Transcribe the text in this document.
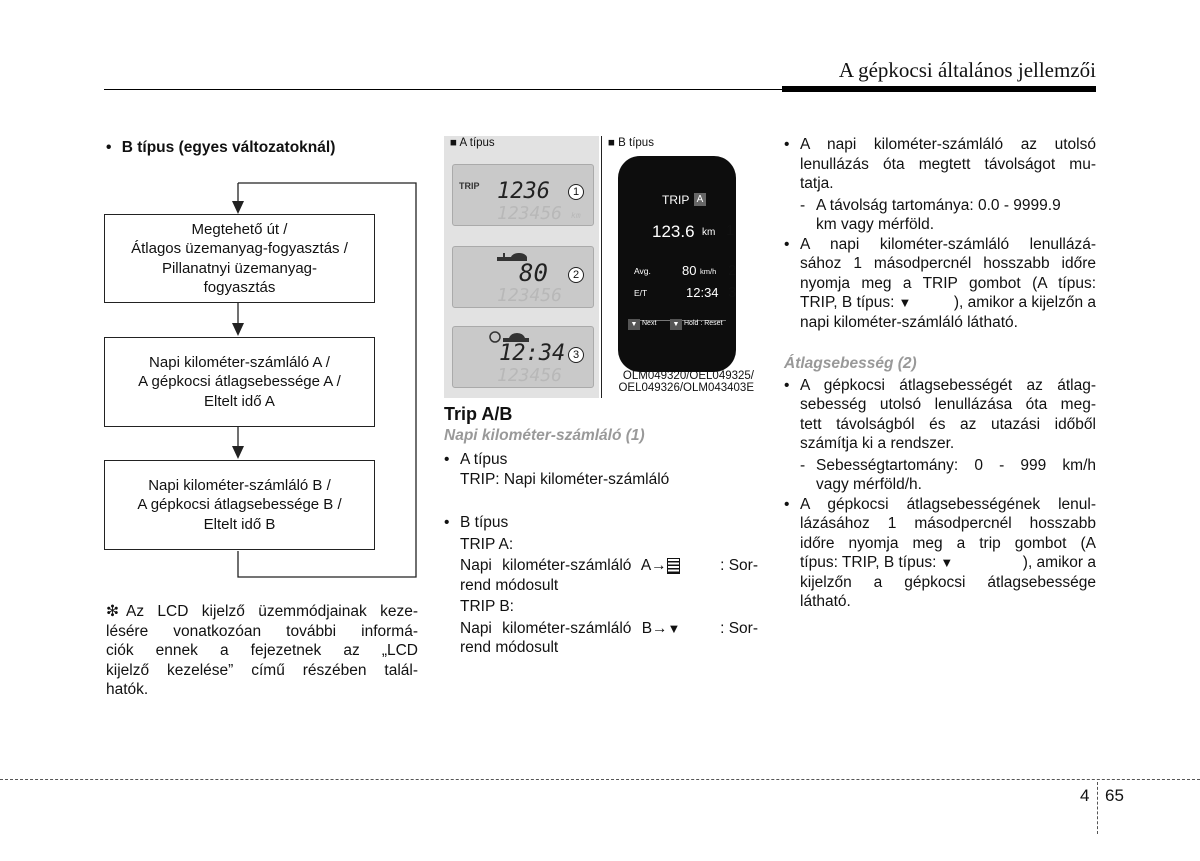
A gépkocsi általános jellemzői
• B típus (egyes változatoknál)
Megtehető út /
Átlagos üzemanyag-fogyasztás /
Pillanatnyi üzemanyag-
fogyasztás
Napi kilométer-számláló A /
A gépkocsi átlagsebessége A /
Eltelt idő A
Napi kilométer-számláló B /
A gépkocsi átlagsebessége B /
Eltelt idő B
❇ Az LCD kijelző üzemmódjainak keze-
lésére vonatkozóan további informá-
ciók ennek a fejezetnek az „LCD
kijelző kezelése” című részében talál-
hatók.
■ A típus
TRIP 1236
123456 km
1
80
123456
2
12:34
123456
3
■ B típus
TRIP A
123.6 km
Avg. 80 km/h
E/T	12:34
▼ Next	▼ Hold : Reset
1
2
3
OLM049320/OEL049325/
OEL049326/OLM043403E
Trip A/B
Napi kilométer-számláló (1)
• A típus
TRIP: Napi kilométer-számláló
• B típus
TRIP A:
Napi kilométer-számláló A→	: Sor-
rend módosult
TRIP B:
Napi kilométer-számláló B→ ▼	: Sor-
rend módosult
• A napi kilométer-számláló az utolsó
lenullázás óta megtett távolságot mu-
tatja.
- A távolság tartománya: 0.0 - 9999.9
km vagy mérföld.
• A napi kilométer-számláló lenullázá-
sához 1 másodpercnél hosszabb időre
nyomja meg a TRIP gombot (A típus:
TRIP, B típus: ▼	), amikor a kijelzőn a
napi kilométer-számláló látható.
Átlagsebesség (2)
• A gépkocsi átlagsebességét az átlag-
sebesség utolsó lenullázása óta meg-
tett távolságból és az utazási időből
számítja ki a rendszer.
- Sebességtartomány: 0 - 999 km/h
vagy mérföld/h.
• A gépkocsi átlagsebességének lenul-
lázásához 1 másodpercnél hosszabb
időre nyomja meg a trip gombot (A
típus: TRIP, B típus: ▼	), amikor a
kijelzőn a gépkocsi átlagsebessége
látható.
4 65
